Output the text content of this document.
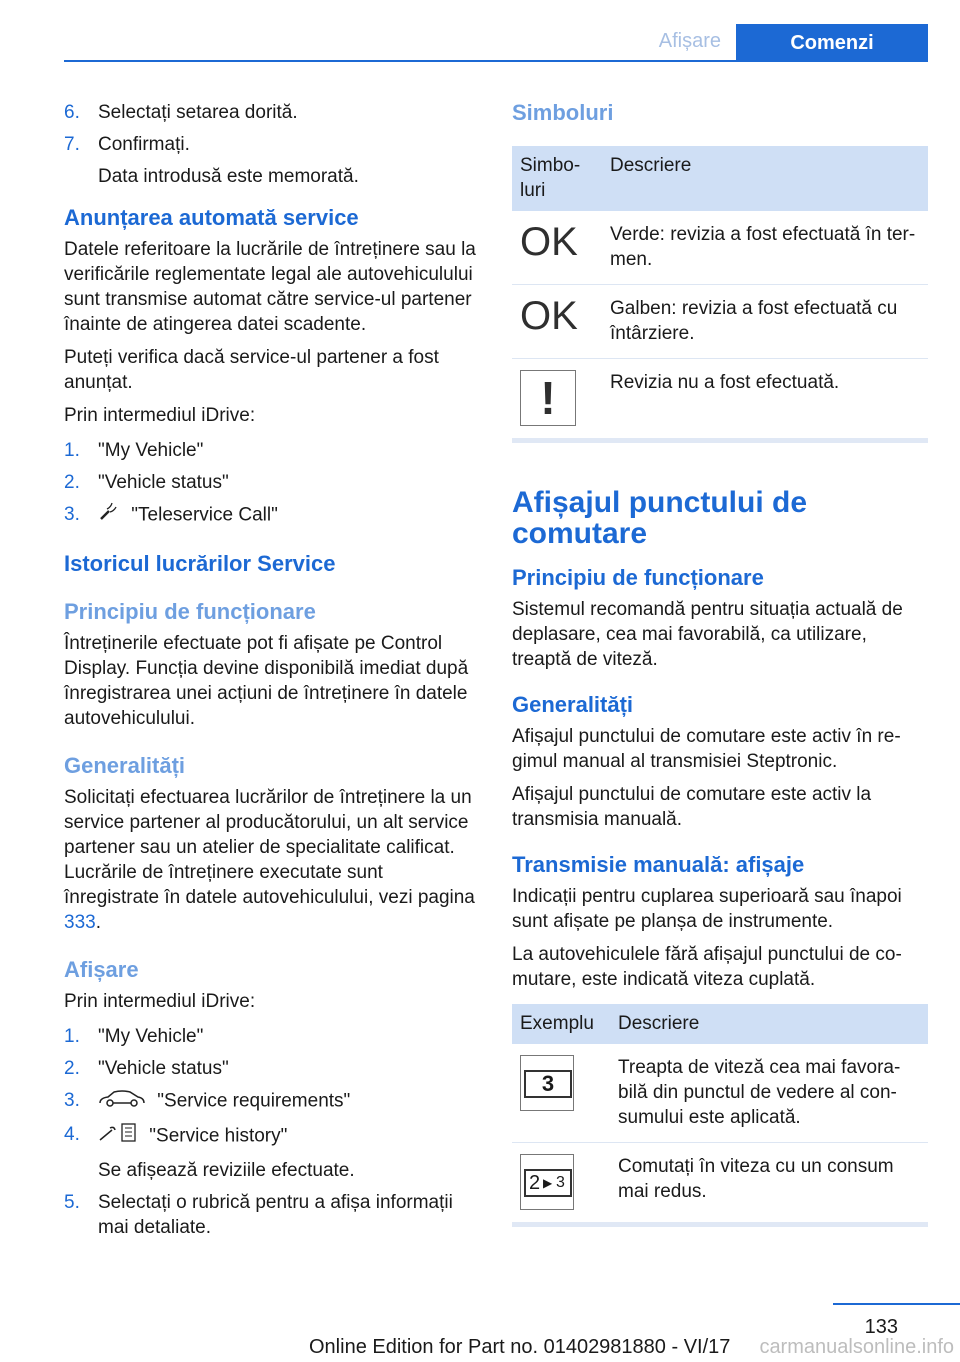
Afișare	Comenzi
6. Selectați setarea dorită.
7. Confirmați.
Data introdusă este memorată.
Anunțarea automată service

Datele referitoare la lucrările de întreținere sau la verificările reglementate legal ale autovehiculului sunt transmise automat către service-ul partener înainte de atingerea datei scadente.

Puteți verifica dacă service-ul partener a fost anunțat.

Prin intermediul iDrive:

1. "My Vehicle"
2. "Vehicle status"
3.	"Teleservice Call"
Istoricul lucrărilor Service
Principiu de funcționare

Întreținerile efectuate pot fi afișate pe Control Display. Funcția devine disponibilă imediat după înregistrarea unei acțiuni de întreținere în datele autovehiculului.

Generalități

Solicitați efectuarea lucrărilor de întreținere la un service partener al producătorului, un alt service partener sau un atelier de specialitate calificat. Lucrările de întreținere executate sunt înregistrate în datele autovehiculului, vezi pagina 333.

Afișare

Prin intermediul iDrive:

1. "My Vehicle"
2. "Vehicle status"
3.	"Service requirements"
4.	"Service history"
Se afișează reviziile efectuate.
5. Selectați o rubrică pentru a afișa informații mai detaliate.
Simboluri
Simboluri	Descriere
OK	Verde: revizia a fost efectuată în termen.
OK	Galben: revizia a fost efectuată cu întârziere.

!	Revizia nu a fost efectuată.
Afișajul punctului de comutare
Principiu de funcționare

Sistemul recomandă pentru situația actuală de deplasare, cea mai favorabilă, ca utilizare, treaptă de viteză.

Generalități

Afișajul punctului de comutare este activ în regimul manual al transmisiei Steptronic.

Afișajul punctului de comutare este activ la transmisia manuală.

Transmisie manuală: afișaje

Indicații pentru cuplarea superioară sau înapoi sunt afișate pe planșa de instrumente.

La autovehiculele fără afișajul punctului de comutare, este indicată viteza cuplată.

Exemplu	Descriere

3	Treapta de viteză cea mai favorabilă din punctul de vedere al consumului este aplicată.

2 ▶ 3	Comutați în viteza cu un consum mai redus.
133
Online Edition for Part no. 01402981880 - VI/17 carmanualsonline.info
